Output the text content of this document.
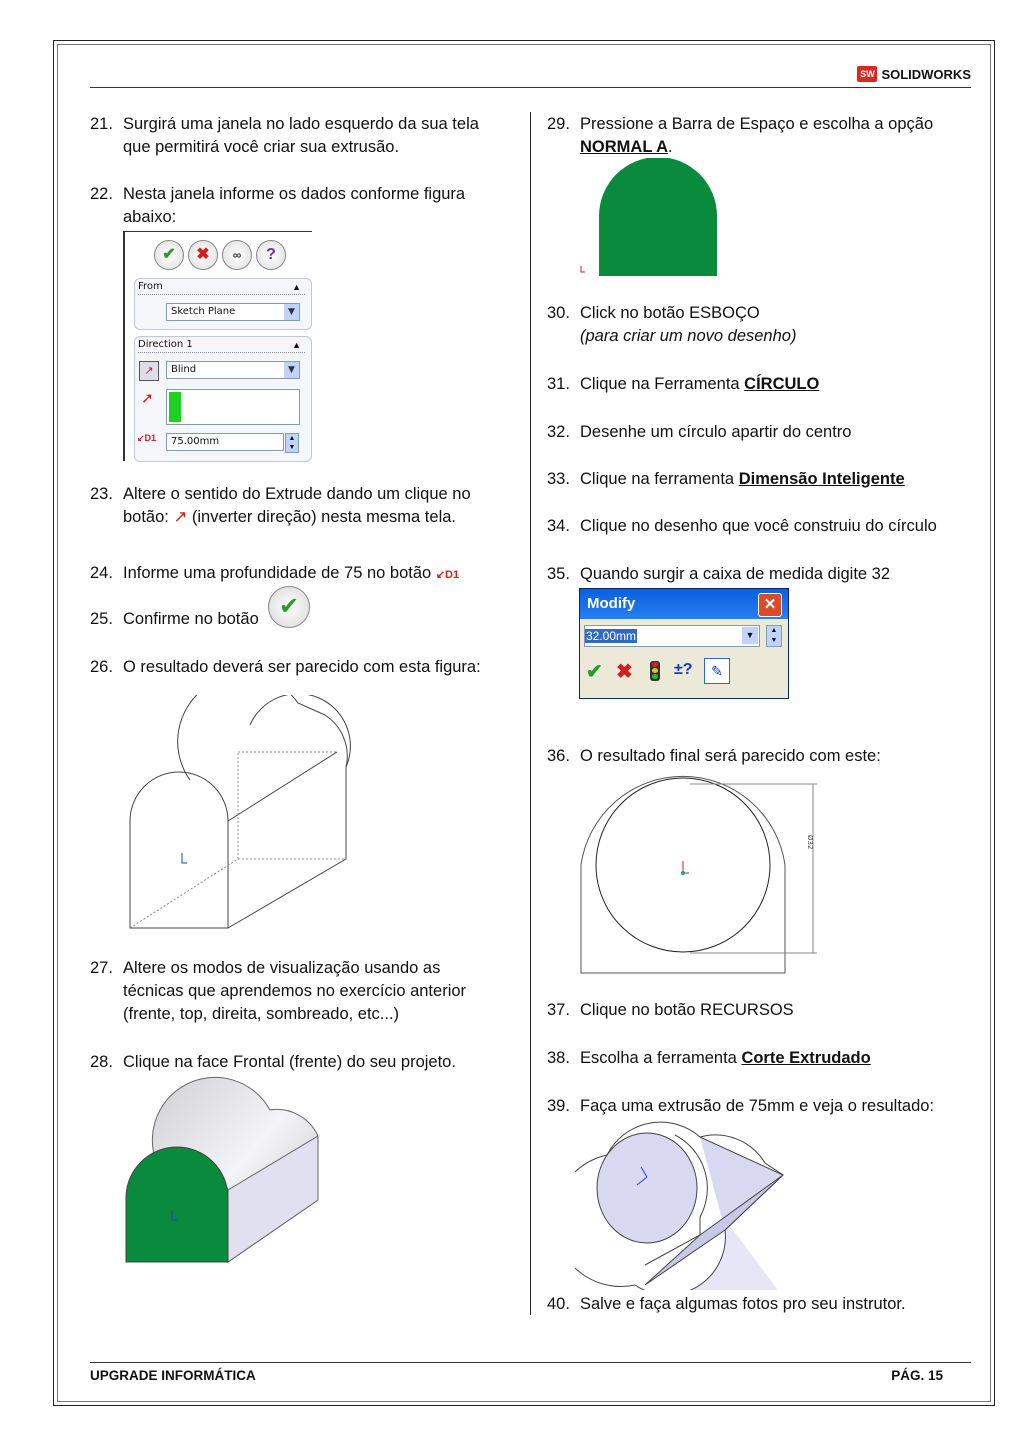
SW SOLIDWORKS
21. Surgirá uma janela no lado esquerdo da sua tela
que permitirá você criar sua extrusão.
22. Nesta janela informe os dados conforme figura
abaixo:
✔	✖	∞	?
From	▲
Sketch Plane	▼
Direction 1	▲
↗	Blind	▼
➚
↙D1	75.00mm	▲
▼
23. Altere o sentido do Extrude dando um clique no
botão: ↗ (inverter direção) nesta mesma tela.
24. Informe uma profundidade de 75 no botão ↙D1
25. Confirme no botão ✔
26. O resultado deverá ser parecido com esta figura:
27. Altere os modos de visualização usando as
técnicas que aprendemos no exercício anterior
(frente, top, direita, sombreado, etc...)
28. Clique na face Frontal (frente) do seu projeto.
29. Pressione a Barra de Espaço e escolha a opção
NORMAL A.
30. Click no botão ESBOÇO
(para criar um novo desenho)
31. Clique na Ferramenta CÍRCULO
32. Desenhe um círculo apartir do centro
33. Clique na ferramenta Dimensão Inteligente
34. Clique no desenho que você construiu do círculo
35. Quando surgir a caixa de medida digite 32
Modify	✕
32.00mm	▼	▲
▼
✔ ✖	±?	✎
36. O resultado final será parecido com este:
Ø32
37. Clique no botão RECURSOS
38. Escolha a ferramenta Corte Extrudado
39. Faça uma extrusão de 75mm e veja o resultado:
40. Salve e faça algumas fotos pro seu instrutor.
UPGRADE INFORMÁTICA	PÁG. 15
